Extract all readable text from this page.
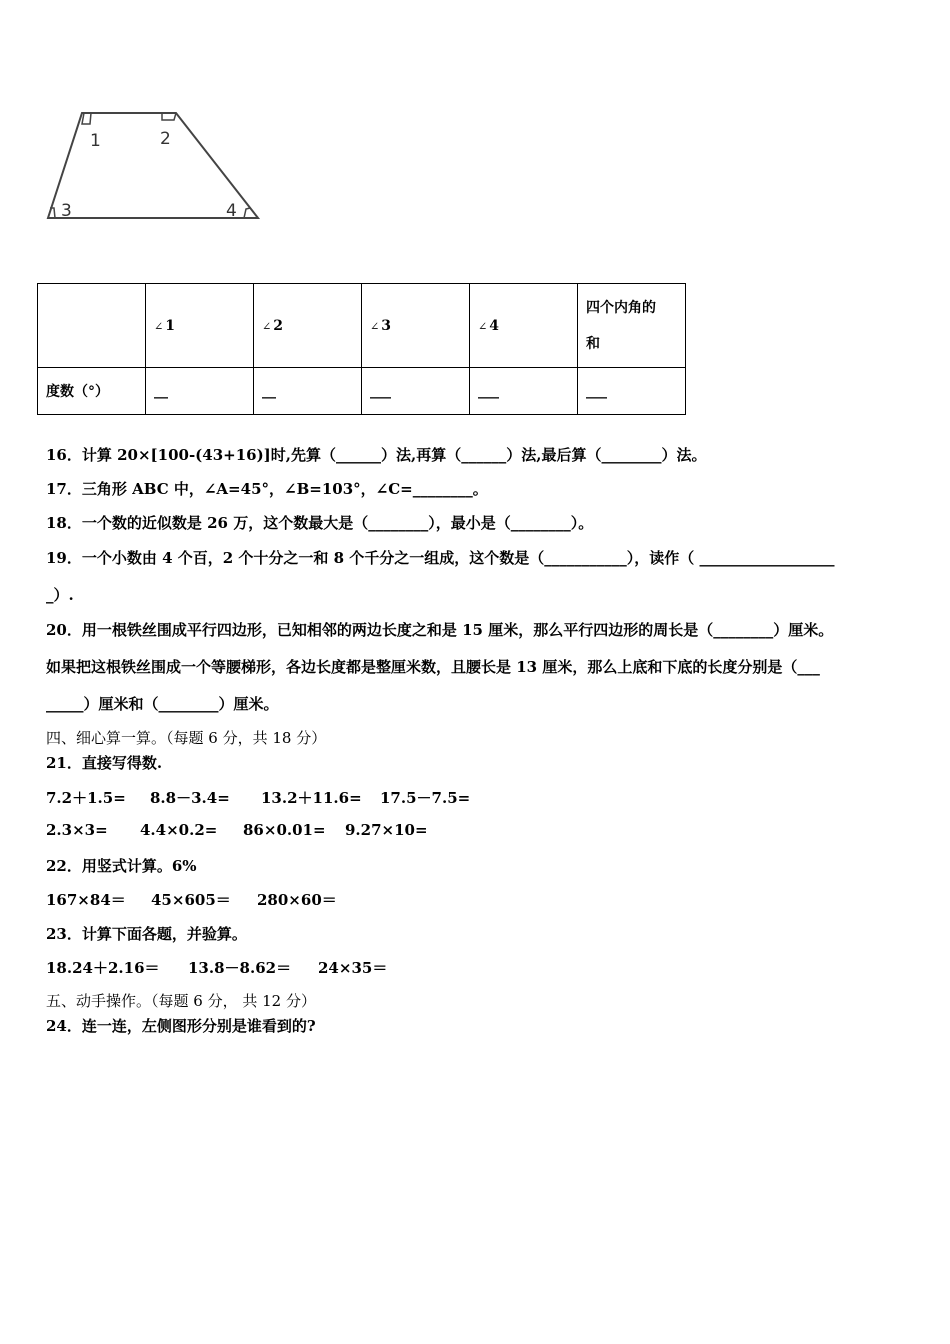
1	2
3	4
	∠ 1	∠ 2	∠ 3	∠ 4	四个内角的
和
度数（°）	__	__	___	___	___
16．计算 20×[100-(43+16)]时,先算（______）法,再算（______）法,最后算（________）法。
17．三角形 ABC 中，∠A=45°，∠B=103°，∠C=________。
18．一个数的近似数是 26 万，这个数最大是（________），最小是（________）。
19．一个小数由 4 个百，2 个十分之一和 8 个千分之一组成，这个数是（___________），读作（ __________________
_）.
20．用一根铁丝围成平行四边形，已知相邻的两边长度之和是 15 厘米，那么平行四边形的周长是（________）厘米。
如果把这根铁丝围成一个等腰梯形，各边长度都是整厘米数，且腰长是 13 厘米，那么上底和下底的长度分别是（___
_____）厘米和（________）厘米。
四、细心算一算。（每题 6 分，共 18 分）
21．直接写得数.
7.2＋1.5= 8.8－3.4= 13.2＋11.6= 17.5－7.5=
2.3×3= 4.4×0.2= 86×0.01= 9.27×10=
22．用竖式计算。6%
167×84＝ 45×605＝ 280×60＝
23．计算下面各题，并验算。
18.24＋2.16＝ 13.8－8.62＝ 24×35＝
五、动手操作。（每题 6 分， 共 12 分）
24．连一连，左侧图形分别是谁看到的?
